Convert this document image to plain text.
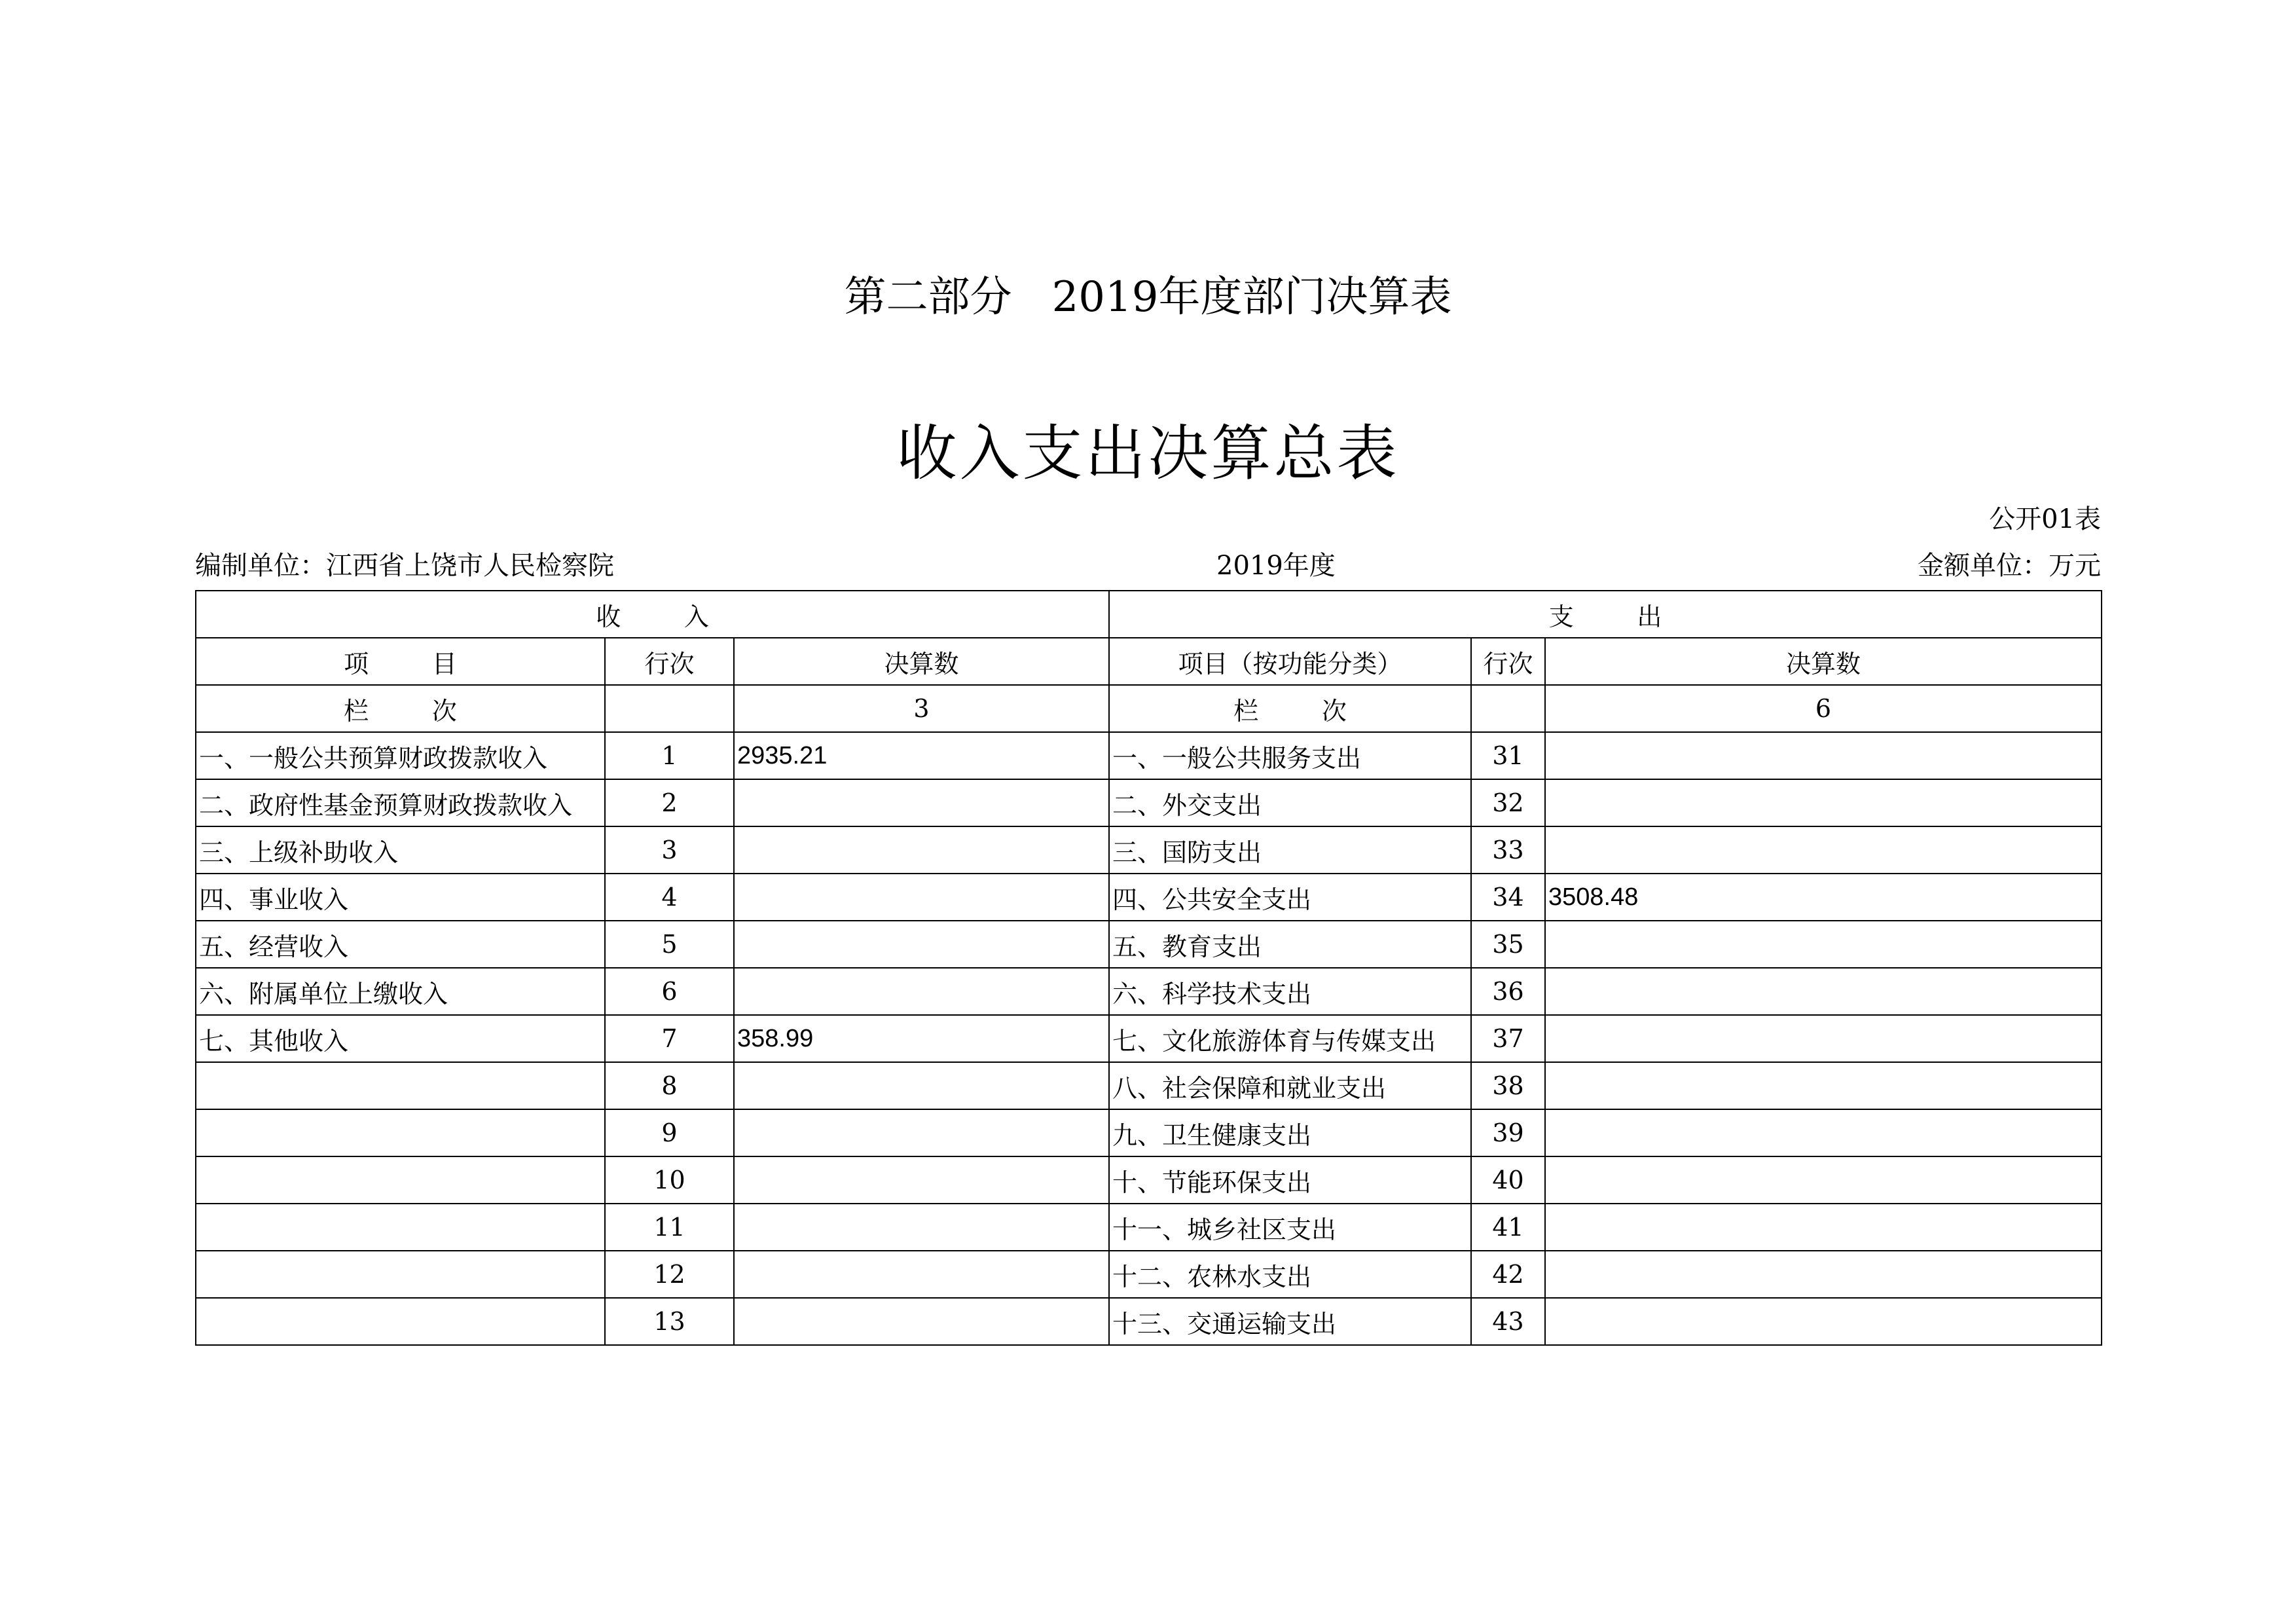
第二部分   2019年度部门决算表
收入支出决算总表
公开01表
编制单位：江西省上饶市人民检察院	2019年度	金额单位：万元
收        入			支        出		
项        目	行次	决算数	项目（按功能分类）	行次	决算数
栏        次		3	栏        次		6
一、一般公共预算财政拨款收入	1	2935.21	一、一般公共服务支出	31	
二、政府性基金预算财政拨款收入	2		二、外交支出	32	
三、上级补助收入	3		三、国防支出	33	
四、事业收入	4		四、公共安全支出	34	3508.48
五、经营收入	5		五、教育支出	35	
六、附属单位上缴收入	6		六、科学技术支出	36	
七、其他收入	7	358.99	七、文化旅游体育与传媒支出	37	
	8		八、社会保障和就业支出	38	
	9		九、卫生健康支出	39	
	10		十、节能环保支出	40	
	11		十一、城乡社区支出	41	
	12		十二、农林水支出	42	
	13		十三、交通运输支出	43	
